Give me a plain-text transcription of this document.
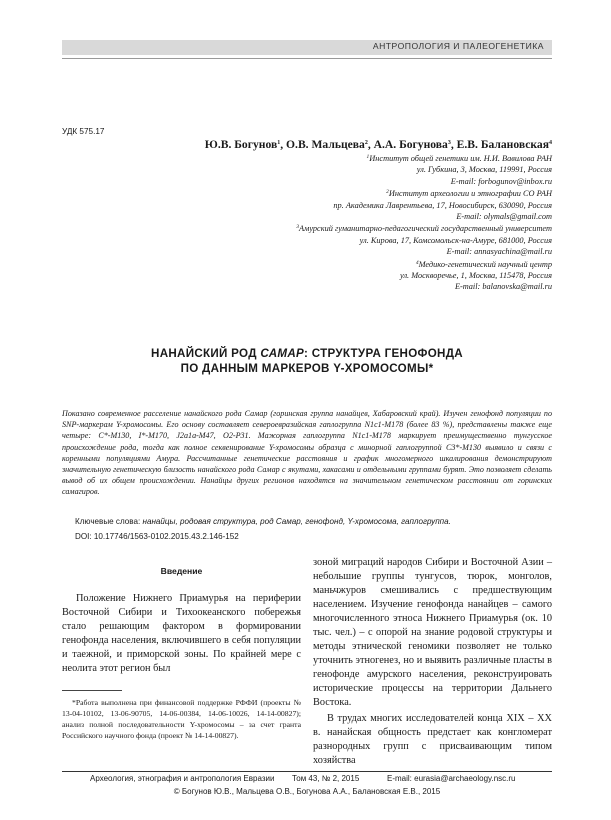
АНТРОПОЛОГИЯ И ПАЛЕОГЕНЕТИКА
УДК 575.17
Ю.В. Богунов$^1$, О.В. Мальцева$^2$, А.А. Богунова$^3$, Е.В. Балановская$^4$
$^1$Институт общей генетики им. Н.И. Вавилова РАН
ул. Губкина, 3, Москва, 119991, Россия
E-mail: forbogunov@inbox.ru
$^2$Институт археологии и этнографии СО РАН
пр. Академика Лаврентьева, 17, Новосибирск, 630090, Россия
E-mail: olymals@gmail.com
$^3$Амурский гуманитарно-педагогический государственный университет
ул. Кирова, 17, Комсомольск-на-Амуре, 681000, Россия
E-mail: annasyachina@mail.ru
$^4$Медико-генетический научный центр
ул. Москворечье, 1, Москва, 115478, Россия
E-mail: balanovska@mail.ru
НАНАЙСКИЙ РОД САМАР: СТРУКТУРА ГЕНОФОНДА
ПО ДАННЫМ МАРКЕРОВ Y-ХРОМОСОМЫ*
Показано современное расселение нанайского рода Самар (горинская группа нанайцев, Хабаровский край). Изучен генофонд популяции по SNP-маркерам Y-хромосомы. Его основу составляет североевразийская гаплогруппа N1c1-M178 (более 83 %), представлены также еще четыре: C*-M130, I*-M170, J2a1a-M47, O2-P31. Мажорная гаплогруппа N1c1-M178 маркирует преимущественно тунгусское происхождение рода, тогда как полное секвенирование Y-хромосомы образца с минорной гаплогруппой C3*-M130 выявило и связи с коренными популяциями Амура. Рассчитанные генетические расстояния и график многомерного шкалирования демонстрируют значительную генетическую близость нанайского рода Самар с якутами, хакасами и отдельными группами бурят. Это позволяет сделать вывод об их общем происхождении. Нанайцы других регионов находятся на значительном генетическом расстоянии от горинских самагиров.
Ключевые слова: нанайцы, родовая структура, род Самар, генофонд, Y-хромосома, гаплогруппа.
DOI: 10.17746/1563-0102.2015.43.2.146-152
Введение

Положение Нижнего Приамурья на периферии Восточной Сибири и Тихоокеанского побережья стало решающим фактором в формировании генофонда населения, включившего в себя популяции и таежной, и приморской зоны. По крайней мере с неолита этот регион был

зоной миграций народов Сибири и Восточной Азии – небольшие группы тунгусов, тюрок, монголов, маньчжуров смешивались с предшествующим населением. Изучение генофонда нанайцев – самого многочисленного этноса Нижнего Приамурья (ок. 10 тыс. чел.) – с опорой на знание родовой структуры и методы этнической геномики позволяет не только уточнить этногенез, но и выявить различные пласты в генофонде амурского населения, реконструировать исторические процессы на территории Дальнего Востока.

В трудах многих исследователей конца XIX – XX в. нанайская общность предстает как конгломерат разнородных групп с присваивающим типом хозяйства

*Работа выполнена при финансовой поддержке РФФИ (проекты № 13-04-10102, 13-06-90705, 14-06-00384, 14-06-10026, 14-14-00827); анализ полной последовательности Y-хромосомы – за счет гранта Российского научного фонда (проект № 14-14-00827).
Археология, этнография и антропология Евразии Том 43, № 2, 2015	E-mail: eurasia@archaeology.nsc.ru
© Богунов Ю.В., Мальцева О.В., Богунова А.А., Балановская Е.В., 2015
